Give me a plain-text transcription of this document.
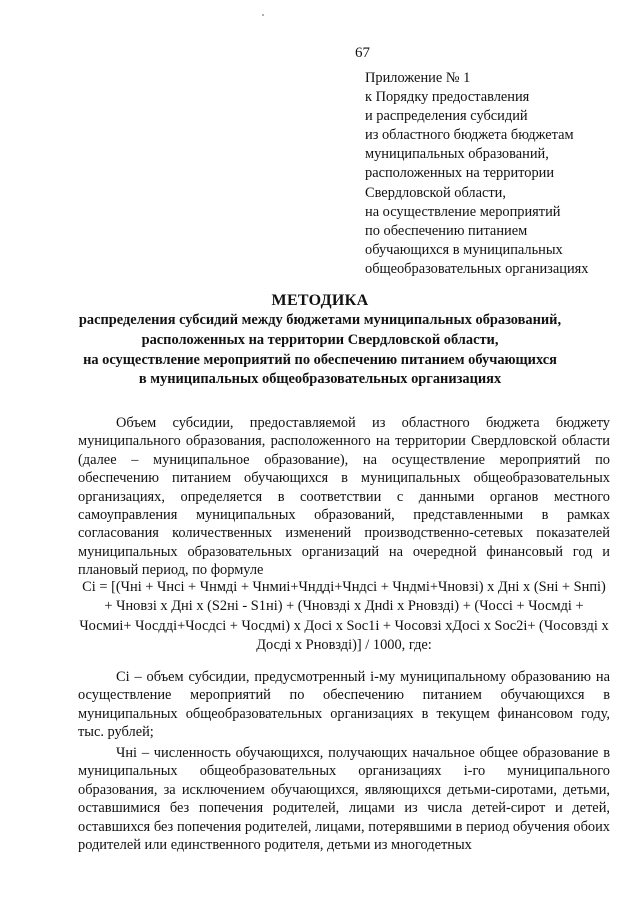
67
Приложение № 1
к Порядку предоставления
и распределения субсидий
из областного бюджета бюджетам
муниципальных образований,
расположенных на территории
Свердловской области,
на осуществление мероприятий
по обеспечению питанием
обучающихся в муниципальных
общеобразовательных организациях
МЕТОДИКА
распределения субсидий между бюджетами муниципальных образований,
расположенных на территории Свердловской области,
на осуществление мероприятий по обеспечению питанием обучающихся
в муниципальных общеобразовательных организациях
Объем субсидии, предоставляемой из областного бюджета бюджету муниципального образования, расположенного на территории Свердловской области (далее – муниципальное образование), на осуществление мероприятий по обеспечению питанием обучающихся в муниципальных общеобразовательных организациях, определяется в соответствии с данными органов местного самоуправления муниципальных образований, представленными в рамках согласования количественных изменений производственно-сетевых показателей муниципальных образовательных организаций на очередной финансовый год и плановый период, по формуле
Ci = [(Чнi + Чнсi + Чнмдi + Чнмиi+Чнддi+Чндсi + Чндмi+Чновзi) х Днi х (Sнi + Sнпi) + Чновзi х Днi х (S2нi - S1нi) + (Чновздi х Днdi х Рновздi) + (Чосci + Чосмдi + Чосмиi+ Чосддi+Чосдсi + Чосдмi) х Досi х Soc1i + Чосовзi хДосi х Soc2i+ (Чосовздi х Досдi х Рновздi)] / 1000, где:
Сi – объем субсидии, предусмотренный i-му муниципальному образованию на осуществление мероприятий по обеспечению питанием обучающихся в муниципальных общеобразовательных организациях в текущем финансовом году, тыс. рублей;
Чнi – численность обучающихся, получающих начальное общее образование в муниципальных общеобразовательных организациях i-го муниципального образования, за исключением обучающихся, являющихся детьми-сиротами, детьми, оставшимися без попечения родителей, лицами из числа детей-сирот и детей, оставшихся без попечения родителей, лицами, потерявшими в период обучения обоих родителей или единственного родителя, детьми из многодетных
